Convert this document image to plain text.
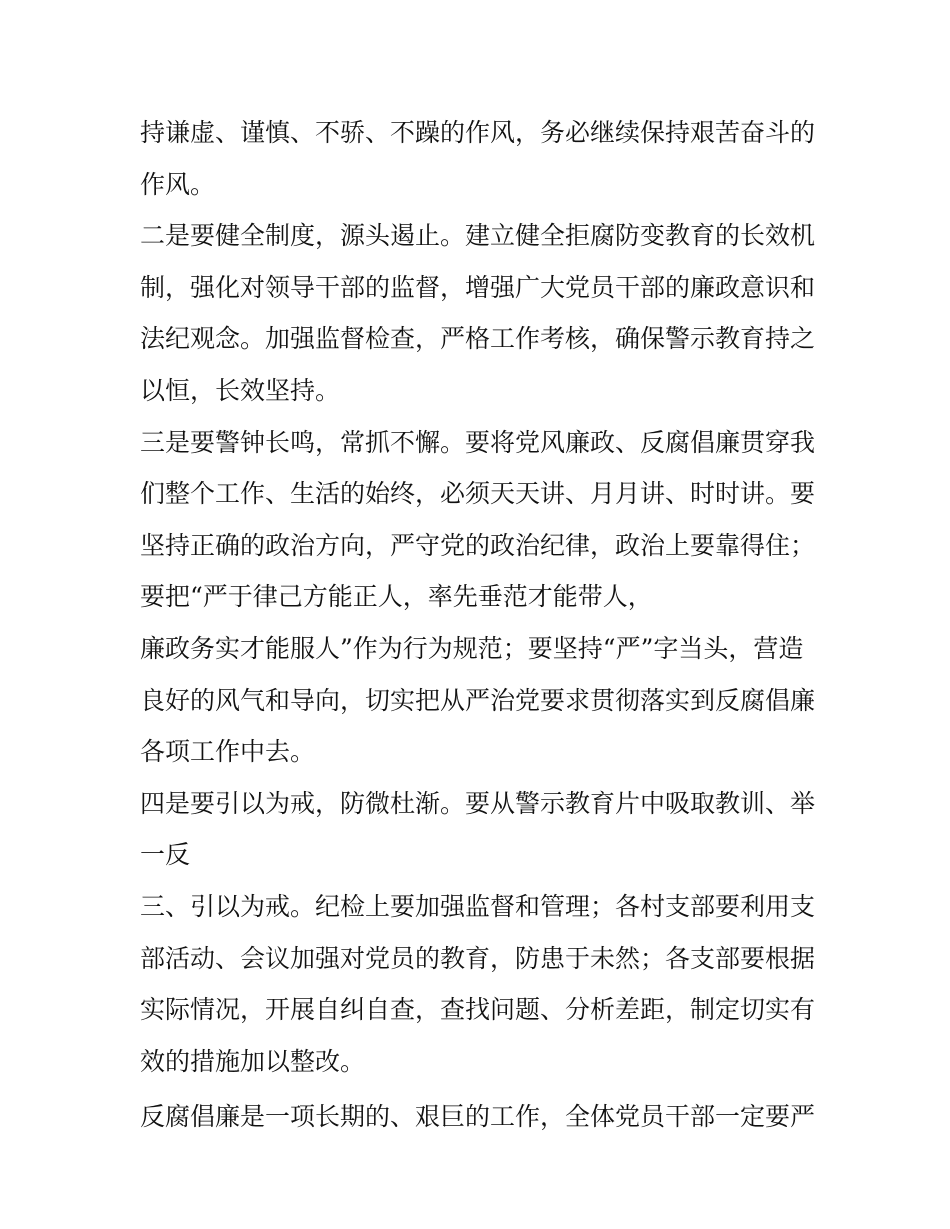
持谦虚、谨慎、不骄、不躁的作风，务必继续保持艰苦奋斗的
作风。
二是要健全制度，源头遏止。建立健全拒腐防变教育的长效机
制，强化对领导干部的监督，增强广大党员干部的廉政意识和
法纪观念。加强监督检查，严格工作考核，确保警示教育持之
以恒，长效坚持。
三是要警钟长鸣，常抓不懈。要将党风廉政、反腐倡廉贯穿我
们整个工作、生活的始终，必须天天讲、月月讲、时时讲。要
坚持正确的政治方向，严守党的政治纪律，政治上要靠得住；
要把“严于律己方能正人，率先垂范才能带人，
廉政务实才能服人”作为行为规范；要坚持“严”字当头，营造
良好的风气和导向，切实把从严治党要求贯彻落实到反腐倡廉
各项工作中去。
四是要引以为戒，防微杜渐。要从警示教育片中吸取教训、举
一反
三、引以为戒。纪检上要加强监督和管理；各村支部要利用支
部活动、会议加强对党员的教育，防患于未然；各支部要根据
实际情况，开展自纠自查，查找问题、分析差距，制定切实有
效的措施加以整改。
反腐倡廉是一项长期的、艰巨的工作，全体党员干部一定要严
